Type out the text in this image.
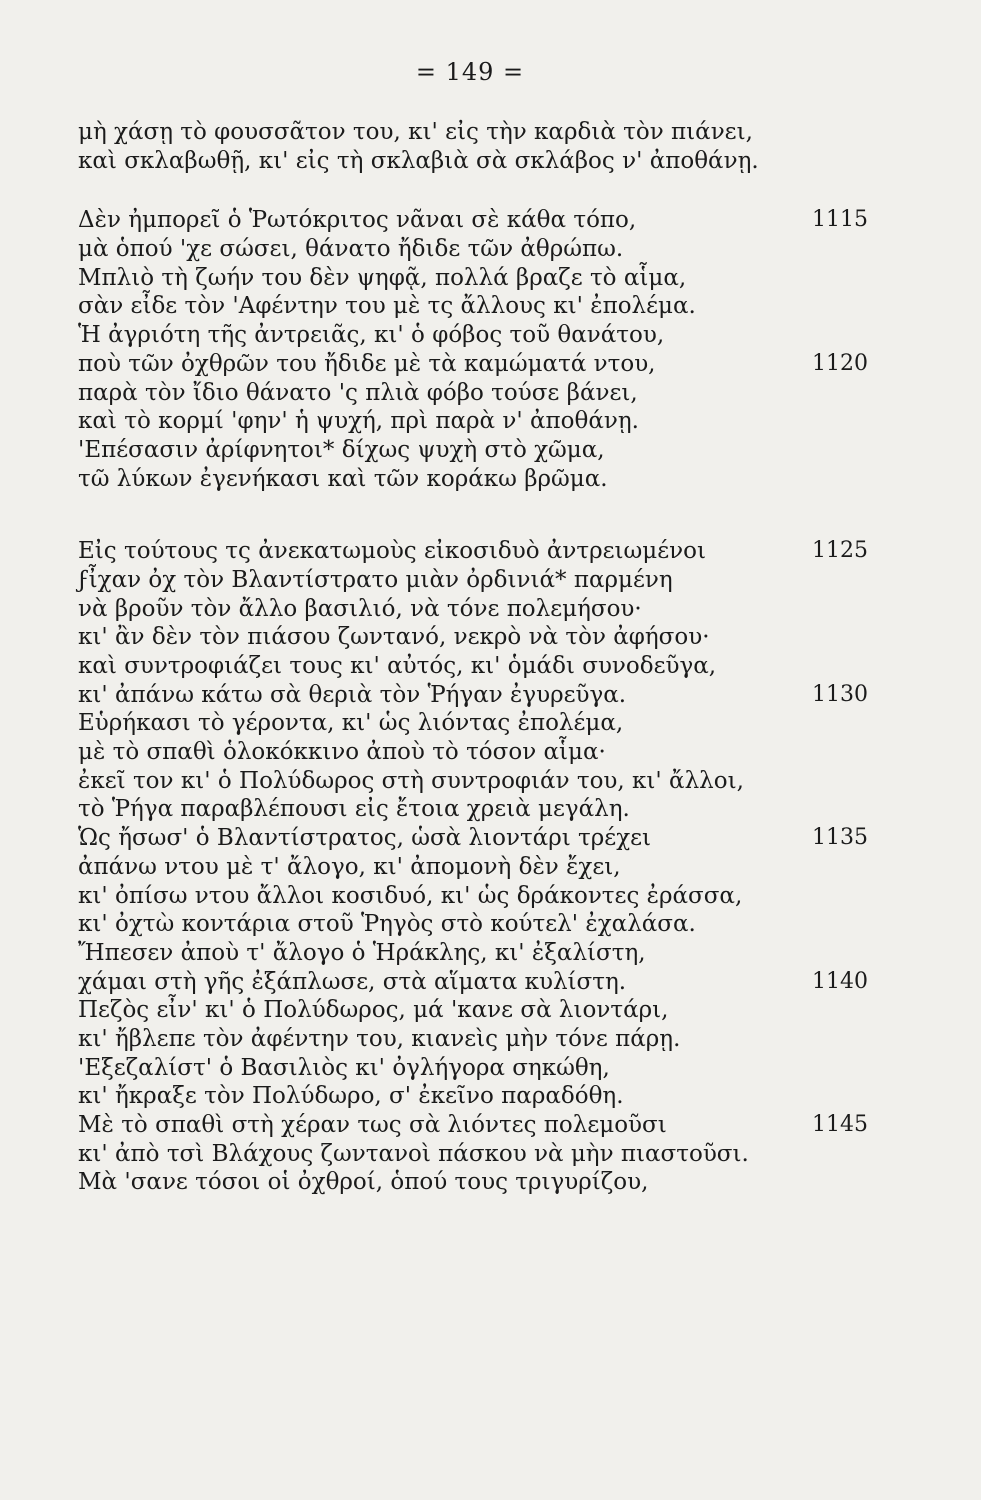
= 149 =
μὴ χάσῃ τὸ φουσσᾶτον του, κι' εἰς τὴν καρδιὰ τὸν πιάνει,
καὶ σκλαβωθῇ, κι' εἰς τὴ σκλαβιὰ σὰ σκλάβος ν' ἀποθάνῃ.
Δὲν ἠμπορεῖ ὁ Ῥωτόκριτος νᾶναι σὲ κάθα τόπο,	1115
μὰ ὁπού 'χε σώσει, θάνατο ἤδιδε τῶν ἀθρώπω.
Μπλιὸ τὴ ζωήν του δὲν ψηφᾷ, πολλά βραζε τὸ αἷμα,
σὰν εἶδε τὸν 'Αφέντην του μὲ τς ἄλλους κι' ἐπολέμα.
Ἡ ἀγριότη τῆς ἀντρειᾶς, κι' ὁ φόβος τοῦ θανάτου,
ποὺ τῶν ὀχθρῶν του ἤδιδε μὲ τὰ καμώματά ντου,	1120
παρὰ τὸν ἴδιο θάνατο 'ς πλιὰ φόβο τούσε βάνει,
καὶ τὸ κορμί 'φην' ἡ ψυχή, πρὶ παρὰ ν' ἀποθάνῃ.
'Επέσασιν ἀρίφνητοι* δίχως ψυχὴ στὸ χῶμα,
τῶ λύκων ἐγενήκασι καὶ τῶν κοράκω βρῶμα.
Εἰς τούτους τς ἀνεκατωμοὺς εἰκοσιδυὸ ἀντρειωμένοι	1125
ϝἶχαν ὀχ τὸν Βλαντίστρατο μιὰν ὀρδινιά* παρμένη
νὰ βροῦν τὸν ἄλλο βασιλιό, νὰ τόνε πολεμήσου·
κι' ἂν δὲν τὸν πιάσου ζωντανό, νεκρὸ νὰ τὸν ἀφήσου·
καὶ συντροφιάζει τους κι' αὐτός, κι' ὁμάδι συνοδεῦγα,
κι' ἀπάνω κάτω σὰ θεριὰ τὸν Ῥήγαν ἐγυρεῦγα.	1130
Εὑρήκασι τὸ γέροντα, κι' ὡς λιόντας ἐπολέμα,
μὲ τὸ σπαθὶ ὁλοκόκκινο ἀποὺ τὸ τόσον αἷμα·
ἐκεῖ τον κι' ὁ Πολύδωρος στὴ συντροφιάν του, κι' ἄλλοι,
τὸ Ῥήγα παραβλέπουσι εἰς ἔτοια χρειὰ μεγάλη.
Ὡς ἤσωσ' ὁ Βλαντίστρατος, ὡσὰ λιοντάρι τρέχει	1135
ἀπάνω ντου μὲ τ' ἄλογο, κι' ἀπομονὴ δὲν ἔχει,
κι' ὀπίσω ντου ἄλλοι κοσιδυό, κι' ὡς δράκοντες ἐράσσα,
κι' ὀχτὼ κοντάρια στοῦ Ῥηγὸς στὸ κούτελ' ἐχαλάσα.
Ἤπεσεν ἀποὺ τ' ἄλογο ὁ Ἡράκλης, κι' ἐξαλίστη,
χάμαι στὴ γῆς ἐξάπλωσε, στὰ αἵματα κυλίστη.	1140
Πεζὸς εἶν' κι' ὁ Πολύδωρος, μά 'κανε σὰ λιοντάρι,
κι' ἤβλεπε τὸν ἀφέντην του, κιανεὶς μὴν τόνε πάρῃ.
'Εξεζαλίστ' ὁ Βασιλιὸς κι' ὀγλήγορα σηκώθη,
κι' ἤκραξε τὸν Πολύδωρο, σ' ἐκεῖνο παραδόθη.
Μὲ τὸ σπαθὶ στὴ χέραν τως σὰ λιόντες πολεμοῦσι	1145
κι' ἀπὸ τσὶ Βλάχους ζωντανοὶ πάσκου νὰ μὴν πιαστοῦσι.
Μὰ 'σανε τόσοι οἱ ὀχθροί, ὁπού τους τριγυρίζου,
